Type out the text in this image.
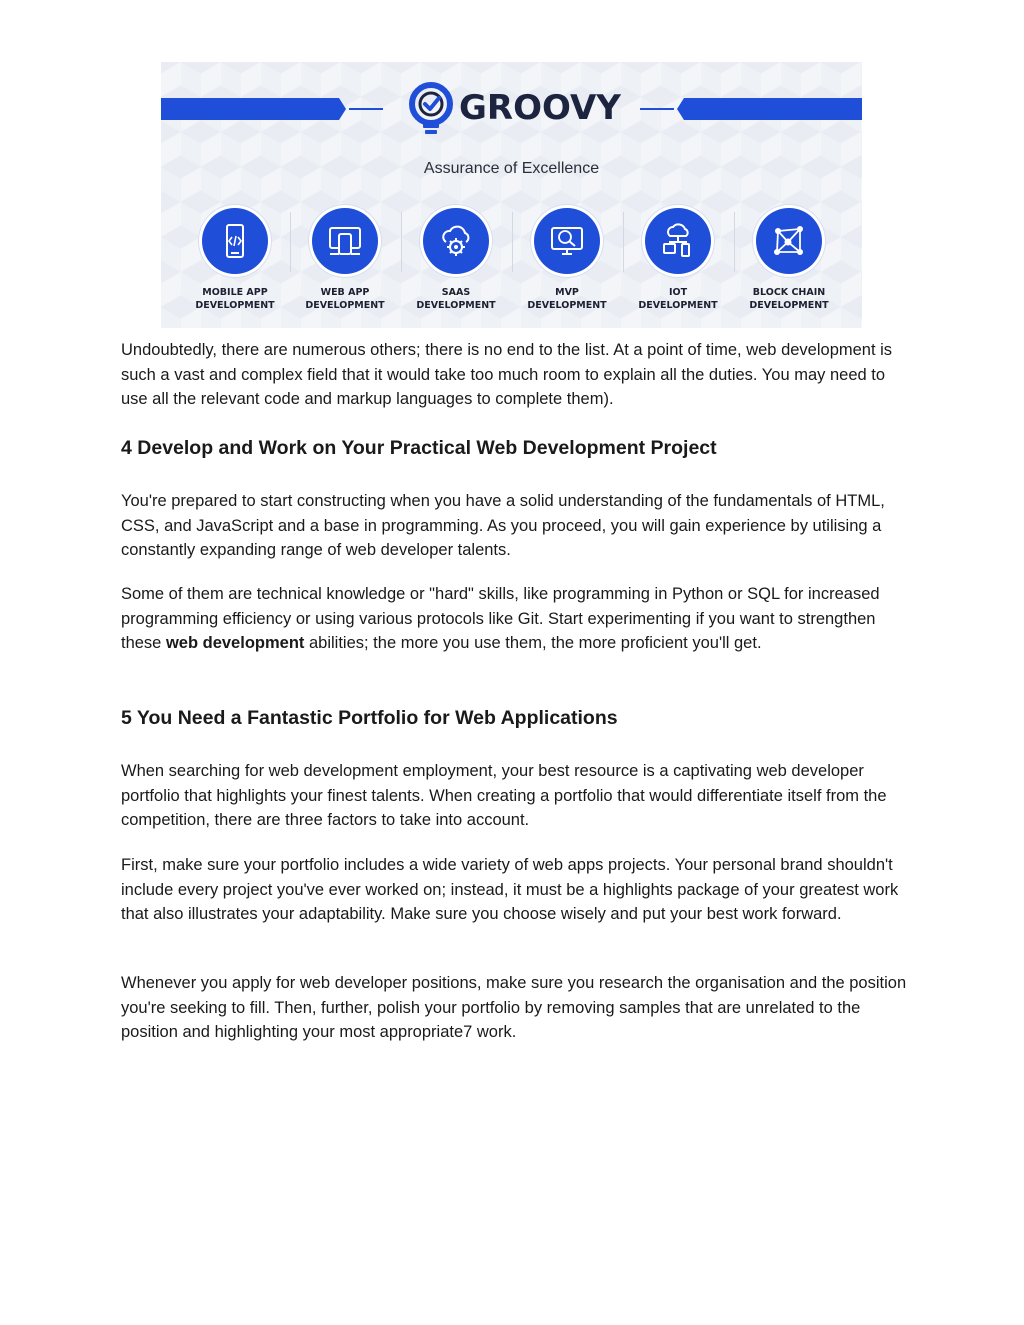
GROOVY
Assurance of Excellence
MOBILE APP
DEVELOPMENT
WEB APP
DEVELOPMENT
SAAS
DEVELOPMENT
MVP
DEVELOPMENT
IOT
DEVELOPMENT
BLOCK CHAIN
DEVELOPMENT

Undoubtedly, there are numerous others; there is no end to the list. At a point of time, web development is such a vast and complex field that it would take too much room to explain all the duties. You may need to use all the relevant code and markup languages to complete them).

4 Develop and Work on Your Practical Web Development Project

You're prepared to start constructing when you have a solid understanding of the fundamentals of HTML, CSS, and JavaScript and a base in programming. As you proceed, you will gain experience by utilising a constantly expanding range of web developer talents.

Some of them are technical knowledge or "hard" skills, like programming in Python or SQL for increased programming efficiency or using various protocols like Git. Start experimenting if you want to strengthen these web development abilities; the more you use them, the more proficient you'll get.

5 You Need a Fantastic Portfolio for Web Applications

When searching for web development employment, your best resource is a captivating web developer portfolio that highlights your finest talents. When creating a portfolio that would differentiate itself from the competition, there are three factors to take into account.

First, make sure your portfolio includes a wide variety of web apps projects. Your personal brand shouldn't include every project you've ever worked on; instead, it must be a highlights package of your greatest work that also illustrates your adaptability. Make sure you choose wisely and put your best work forward.

Whenever you apply for web developer positions, make sure you research the organisation and the position you're seeking to fill. Then, further, polish your portfolio by removing samples that are unrelated to the position and highlighting your most appropriate7 work.
